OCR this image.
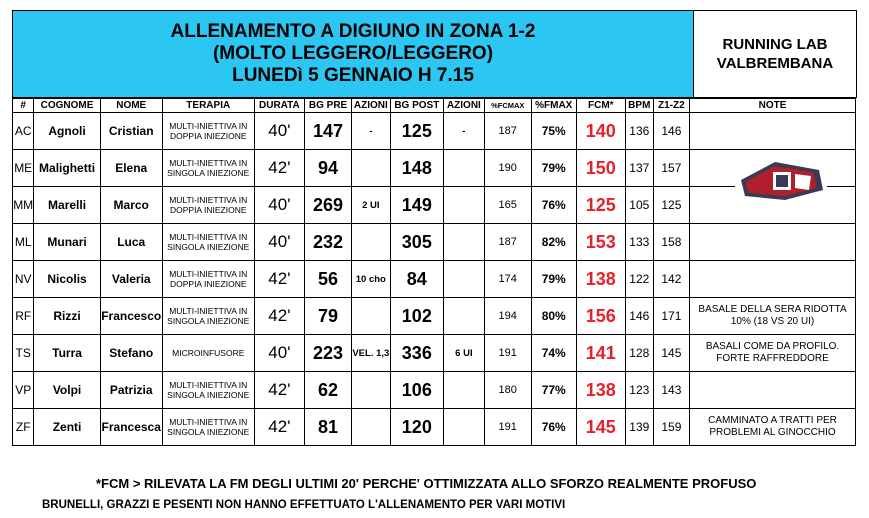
ALLENAMENTO A DIGIUNO IN ZONA 1-2
(MOLTO LEGGERO/LEGGERO)
LUNEDì 5 GENNAIO H 7.15

RUNNING LAB
VALBREMBANA
#	COGNOME	NOME	TERAPIA	DURATA	BG PRE	AZIONI	BG POST	AZIONI	%FCMAX	%FMAX	FCM*	BPM	Z1-Z2	NOTE
AC	Agnoli	Cristian	MULTI-INIETTIVA IN DOPPIA INIEZIONE	40'	147	-	125	-	187	75%	140	136	146	
ME	Malighetti	Elena	MULTI-INIETTIVA IN SINGOLA INIEZIONE	42'	94		148		190	79%	150	137	157	
MM	Marelli	Marco	MULTI-INIETTIVA IN DOPPIA INIEZIONE	40'	269	2 UI	149		165	76%	125	105	125	
ML	Munari	Luca	MULTI-INIETTIVA IN SINGOLA INIEZIONE	40'	232		305		187	82%	153	133	158	
NV	Nicolis	Valeria	MULTI-INIETTIVA IN DOPPIA INIEZIONE	42'	56	10 cho	84		174	79%	138	122	142	
RF	Rizzi	Francesco	MULTI-INIETTIVA IN SINGOLA INIEZIONE	42'	79		102		194	80%	156	146	171	BASALE DELLA SERA RIDOTTA 10% (18 VS 20 UI)
TS	Turra	Stefano	MICROINFUSORE	40'	223	VEL. 1,3	336	6 UI	191	74%	141	128	145	BASALI COME DA PROFILO. FORTE RAFFREDDORE
VP	Volpi	Patrizia	MULTI-INIETTIVA IN SINGOLA INIEZIONE	42'	62		106		180	77%	138	123	143	
ZF	Zenti	Francesca	MULTI-INIETTIVA IN SINGOLA INIEZIONE	42'	81		120		191	76%	145	139	159	CAMMINATO A TRATTI PER PROBLEMI AL GINOCCHIO
*FCM > RILEVATA LA FM DEGLI ULTIMI 20' PERCHE' OTTIMIZZATA ALLO SFORZO REALMENTE PROFUSO
BRUNELLI, GRAZZI E PESENTI NON HANNO EFFETTUATO L'ALLENAMENTO PER VARI MOTIVI
